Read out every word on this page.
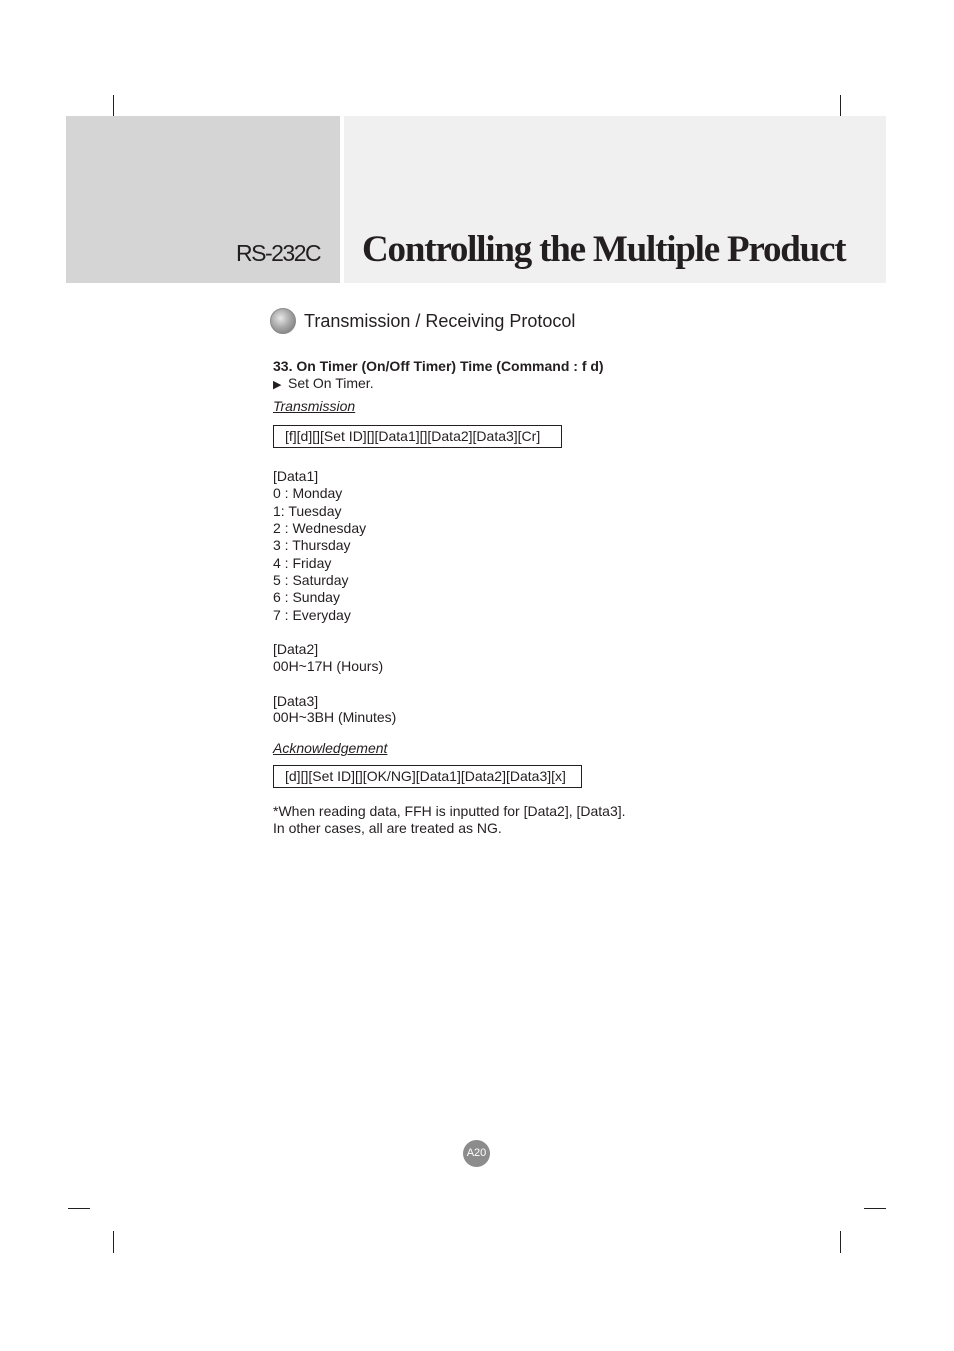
RS-232C Controlling the Multiple Product
Transmission / Receiving Protocol
33. On Timer (On/Off Timer) Time (Command : f d)
▶ Set On Timer.
Transmission
[f][d][][Set ID][][Data1][][Data2][Data3][Cr]
[Data1]
0 : Monday
1: Tuesday
2 : Wednesday
3 : Thursday
4 : Friday
5 : Saturday
6 : Sunday
7 : Everyday
[Data2]
00H~17H (Hours)
[Data3]
00H~3BH (Minutes)
Acknowledgement
[d][][Set ID][][OK/NG][Data1][Data2][Data3][x]
*When reading data, FFH is inputted for [Data2], [Data3].
In other cases, all are treated as NG.
A20
